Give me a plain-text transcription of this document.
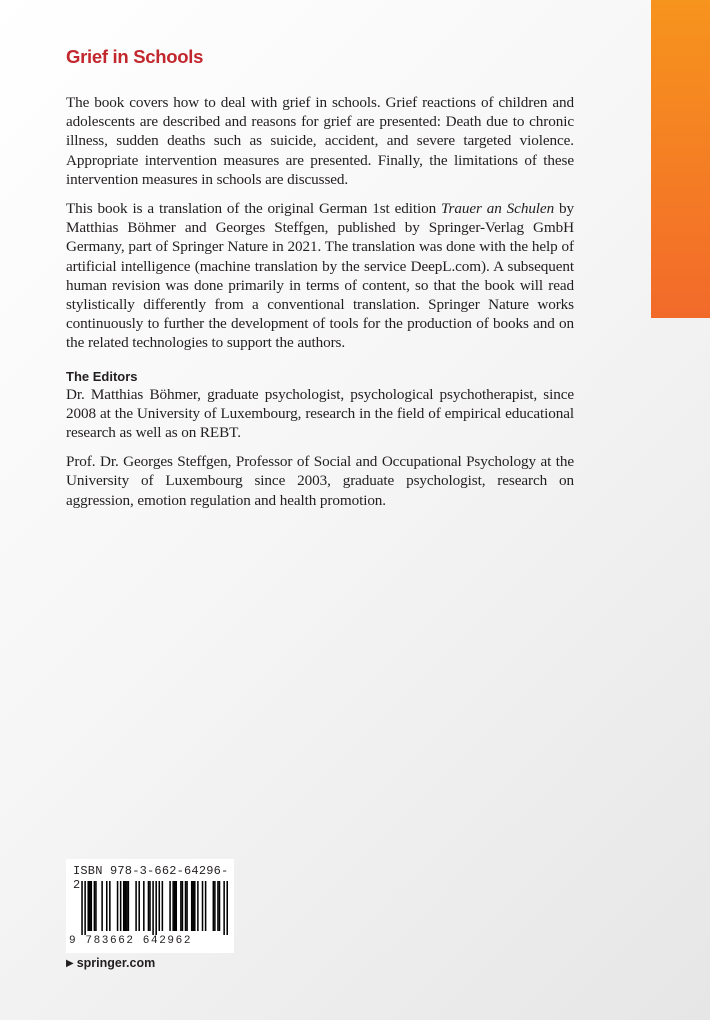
Grief in Schools

The book covers how to deal with grief in schools. Grief reactions of children and adolescents are described and reasons for grief are presented: Death due to chronic illness, sudden deaths such as suicide, accident, and severe targeted violence. Appropriate intervention measures are presented. Finally, the limitations of these intervention measures in schools are discussed.

This book is a translation of the original German 1st edition Trauer an Schulen by Matthias Böhmer and Georges Steffgen, published by Springer-Verlag GmbH Germany, part of Springer Nature in 2021. The translation was done with the help of artificial intelligence (machine translation by the service DeepL.com). A subsequent human revision was done primarily in terms of content, so that the book will read stylistically differently from a conventional translation. Springer Nature works continuously to further the development of tools for the production of books and on the related technologies to support the authors.

The Editors

Dr. Matthias Böhmer, graduate psychologist, psychological psychotherapist, since 2008 at the University of Luxembourg, research in the field of empirical educational research as well as on REBT.

Prof. Dr. Georges Steffgen, Professor of Social and Occupational Psychology at the University of Luxembourg since 2003, graduate psychologist, research on aggression, emotion regulation and health promotion.

ISBN 978-3-662-64296-2
9 783662 642962
▶ springer.com
